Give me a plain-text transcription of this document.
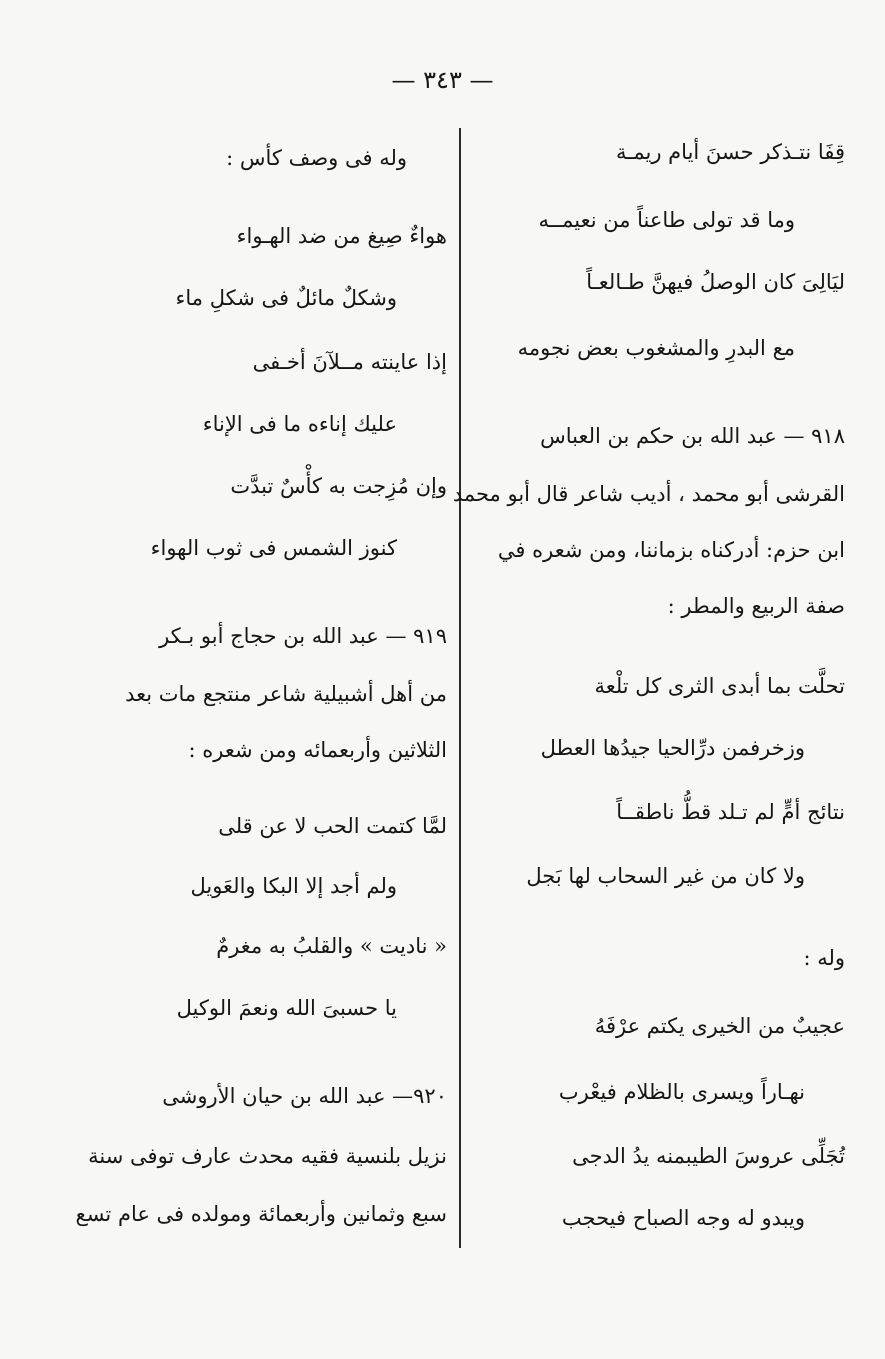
— ٣٤٣ —
قِفَا نتـذكر حسنَ أيام ريمـة
وما قد تولى طاعناً من نعيمــه
ليَالِىَ كان الوصلُ فيهنَّ طـالعـاً
مع البدرِ والمشغوب بعض نجومه
٩١٨ — عبد الله بن حكم بن العباس
القرشى أبو محمد ، أديب شاعر قال أبو محمد
ابن حزم: أدركناه بزماننا، ومن شعره في
صفة الربيع والمطر :
تحلَّت بما أبدى الثرى كل تلْعة
وزخرفمن درِّالحيا جيدُها العطل
نتائج أمٍّ لم تـلد قطُّ ناطقــاً
ولا كان من غير السحاب لها بَجل
وله :
عجيبٌ من الخيرى يكتم عرْفَهُ
نهـاراً ويسرى بالظلام فيعْرب
تُجَلِّى عروسَ الطيبمنه يدُ الدجى
ويبدو له وجه الصباح فيحجب
وله فى وصف كأس :
هواءٌ صِيغ من ضد الهـواء
وشكلٌ مائلٌ فى شكلِ ماء
إذا عاينته مــلآنَ أخـفى
عليك إناءه ما فى الإناء
وإن مُزِجت به كأْسٌ تبدَّت
كنوز الشمس فى ثوب الهواء
٩١٩ — عبد الله بن حجاج أبو بـكر
من أهل أشبيلية شاعر منتجع مات بعد
الثلاثين وأربعمائه ومن شعره :
لمَّا كتمت الحب لا عن قلى
ولم أجد إلا البكا والعَويل
« ناديت » والقلبُ به مغرمٌ
يا حسبىَ الله ونعمَ الوكيل
٩٢٠— عبد الله بن حيان الأروشى
نزيل بلنسية فقيه محدث عارف توفى سنة
سبع وثمانين وأربعمائة ومولده فى عام تسع
